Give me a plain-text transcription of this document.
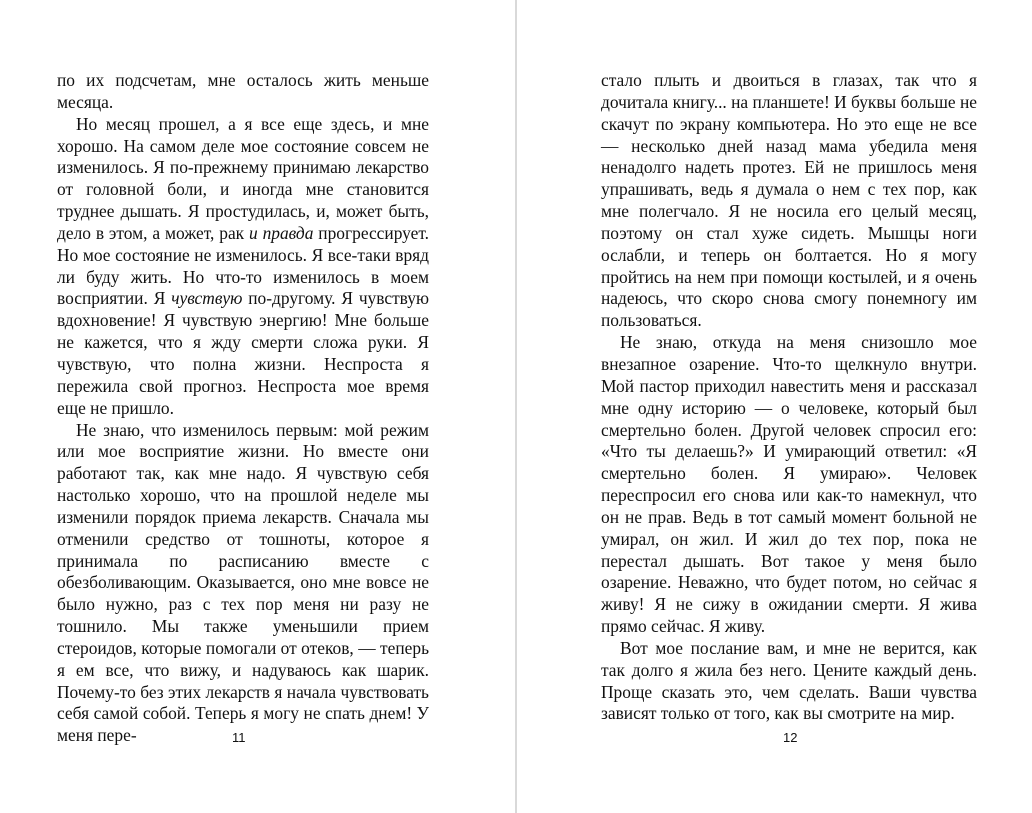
по их подсчетам, мне осталось жить меньше месяца.

Но месяц прошел, а я все еще здесь, и мне хорошо. На самом деле мое состояние совсем не изменилось. Я по-прежнему принимаю лекарство от головной боли, и иногда мне становится труднее дышать. Я простудилась, и, может быть, дело в этом, а может, рак и правда прогрессирует. Но мое состояние не изменилось. Я все-таки вряд ли буду жить. Но что-то изменилось в моем восприятии. Я чувствую по-другому. Я чувствую вдохновение! Я чувствую энергию! Мне больше не кажется, что я жду смерти сложа руки. Я чувствую, что полна жизни. Неспроста я пережила свой прогноз. Неспроста мое время еще не пришло.

Не знаю, что изменилось первым: мой режим или мое восприятие жизни. Но вместе они работают так, как мне надо. Я чувствую себя настолько хорошо, что на прошлой неделе мы изменили порядок приема лекарств. Сначала мы отменили средство от тошноты, которое я принимала по расписанию вместе с обезболивающим. Оказывается, оно мне вовсе не было нужно, раз с тех пор меня ни разу не тошнило. Мы также уменьшили прием стероидов, которые помогали от отеков, — теперь я ем все, что вижу, и надуваюсь как шарик. Почему-то без этих лекарств я начала чувствовать себя самой собой. Теперь я могу не спать днем! У меня пере-	11

стало плыть и двоиться в глазах, так что я дочитала книгу... на планшете! И буквы больше не скачут по экрану компьютера. Но это еще не все — несколько дней назад мама убедила меня ненадолго надеть протез. Ей не пришлось меня упрашивать, ведь я думала о нем с тех пор, как мне полегчало. Я не носила его целый месяц, поэтому он стал хуже сидеть. Мышцы ноги ослабли, и теперь он болтается. Но я могу пройтись на нем при помощи костылей, и я очень надеюсь, что скоро снова смогу понемногу им пользоваться.

Не знаю, откуда на меня снизошло мое внезапное озарение. Что-то щелкнуло внутри. Мой пастор приходил навестить меня и рассказал мне одну историю — о человеке, который был смертельно болен. Другой человек спросил его: «Что ты делаешь?» И умирающий ответил: «Я смертельно болен. Я умираю». Человек переспросил его снова или как-то намекнул, что он не прав. Ведь в тот самый момент больной не умирал, он жил. И жил до тех пор, пока не перестал дышать. Вот такое у меня было озарение. Неважно, что будет потом, но сейчас я живу! Я не сижу в ожидании смерти. Я жива прямо сейчас. Я живу.

Вот мое послание вам, и мне не верится, как так долго я жила без него. Цените каждый день. Проще сказать это, чем сделать. Ваши чувства зависят только от того, как вы смотрите на мир.

12
